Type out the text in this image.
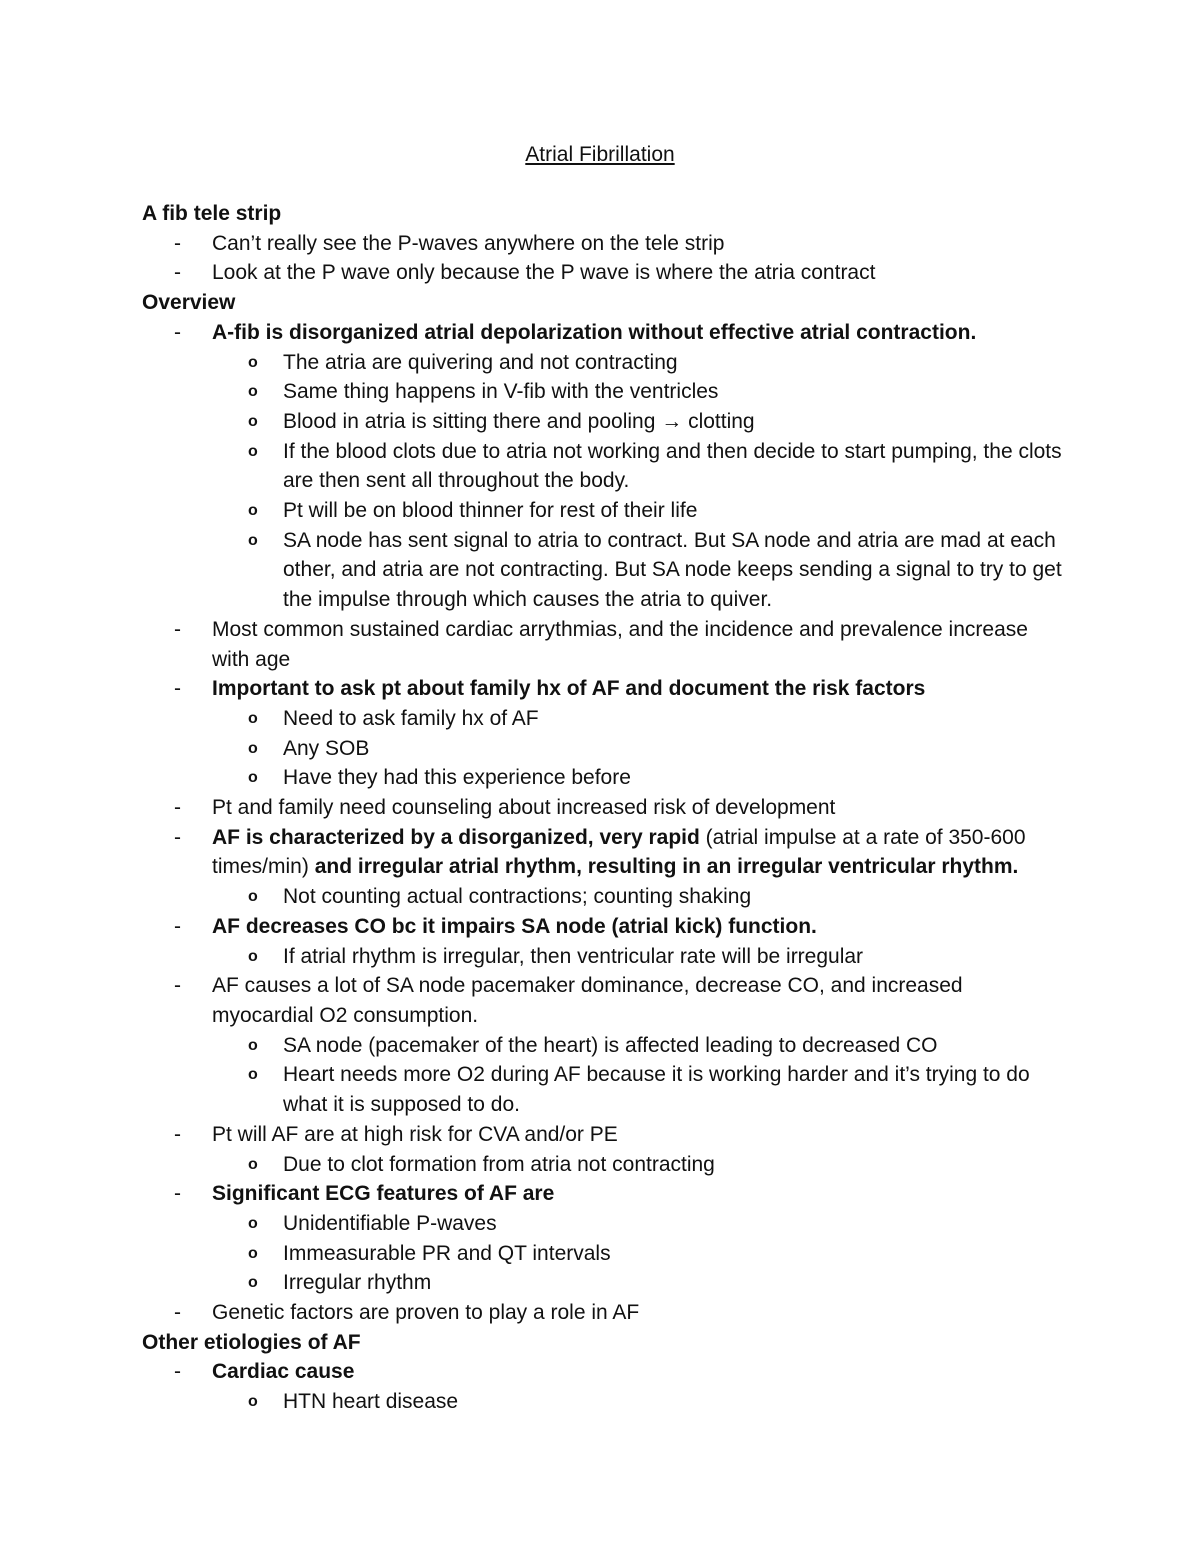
Atrial Fibrillation
A fib tele strip
- Can’t really see the P-waves anywhere on the tele strip
- Look at the P wave only because the P wave is where the atria contract
Overview
- A-fib is disorganized atrial depolarization without effective atrial contraction.
o The atria are quivering and not contracting
o Same thing happens in V-fib with the ventricles
o Blood in atria is sitting there and pooling → clotting
o If the blood clots due to atria not working and then decide to start pumping, the clots are then sent all throughout the body.
o Pt will be on blood thinner for rest of their life
o SA node has sent signal to atria to contract. But SA node and atria are mad at each other, and atria are not contracting. But SA node keeps sending a signal to try to get the impulse through which causes the atria to quiver.
- Most common sustained cardiac arrythmias, and the incidence and prevalence increase with age
- Important to ask pt about family hx of AF and document the risk factors
o Need to ask family hx of AF
o Any SOB
o Have they had this experience before
- Pt and family need counseling about increased risk of development
- AF is characterized by a disorganized, very rapid (atrial impulse at a rate of 350-600 times/min) and irregular atrial rhythm, resulting in an irregular ventricular rhythm.
o Not counting actual contractions; counting shaking
- AF decreases CO bc it impairs SA node (atrial kick) function.
o If atrial rhythm is irregular, then ventricular rate will be irregular
- AF causes a lot of SA node pacemaker dominance, decrease CO, and increased myocardial O2 consumption.
o SA node (pacemaker of the heart) is affected leading to decreased CO
o Heart needs more O2 during AF because it is working harder and it’s trying to do what it is supposed to do.
- Pt will AF are at high risk for CVA and/or PE
o Due to clot formation from atria not contracting
- Significant ECG features of AF are
o Unidentifiable P-waves
o Immeasurable PR and QT intervals
o Irregular rhythm
- Genetic factors are proven to play a role in AF
Other etiologies of AF
- Cardiac cause
o HTN heart disease
